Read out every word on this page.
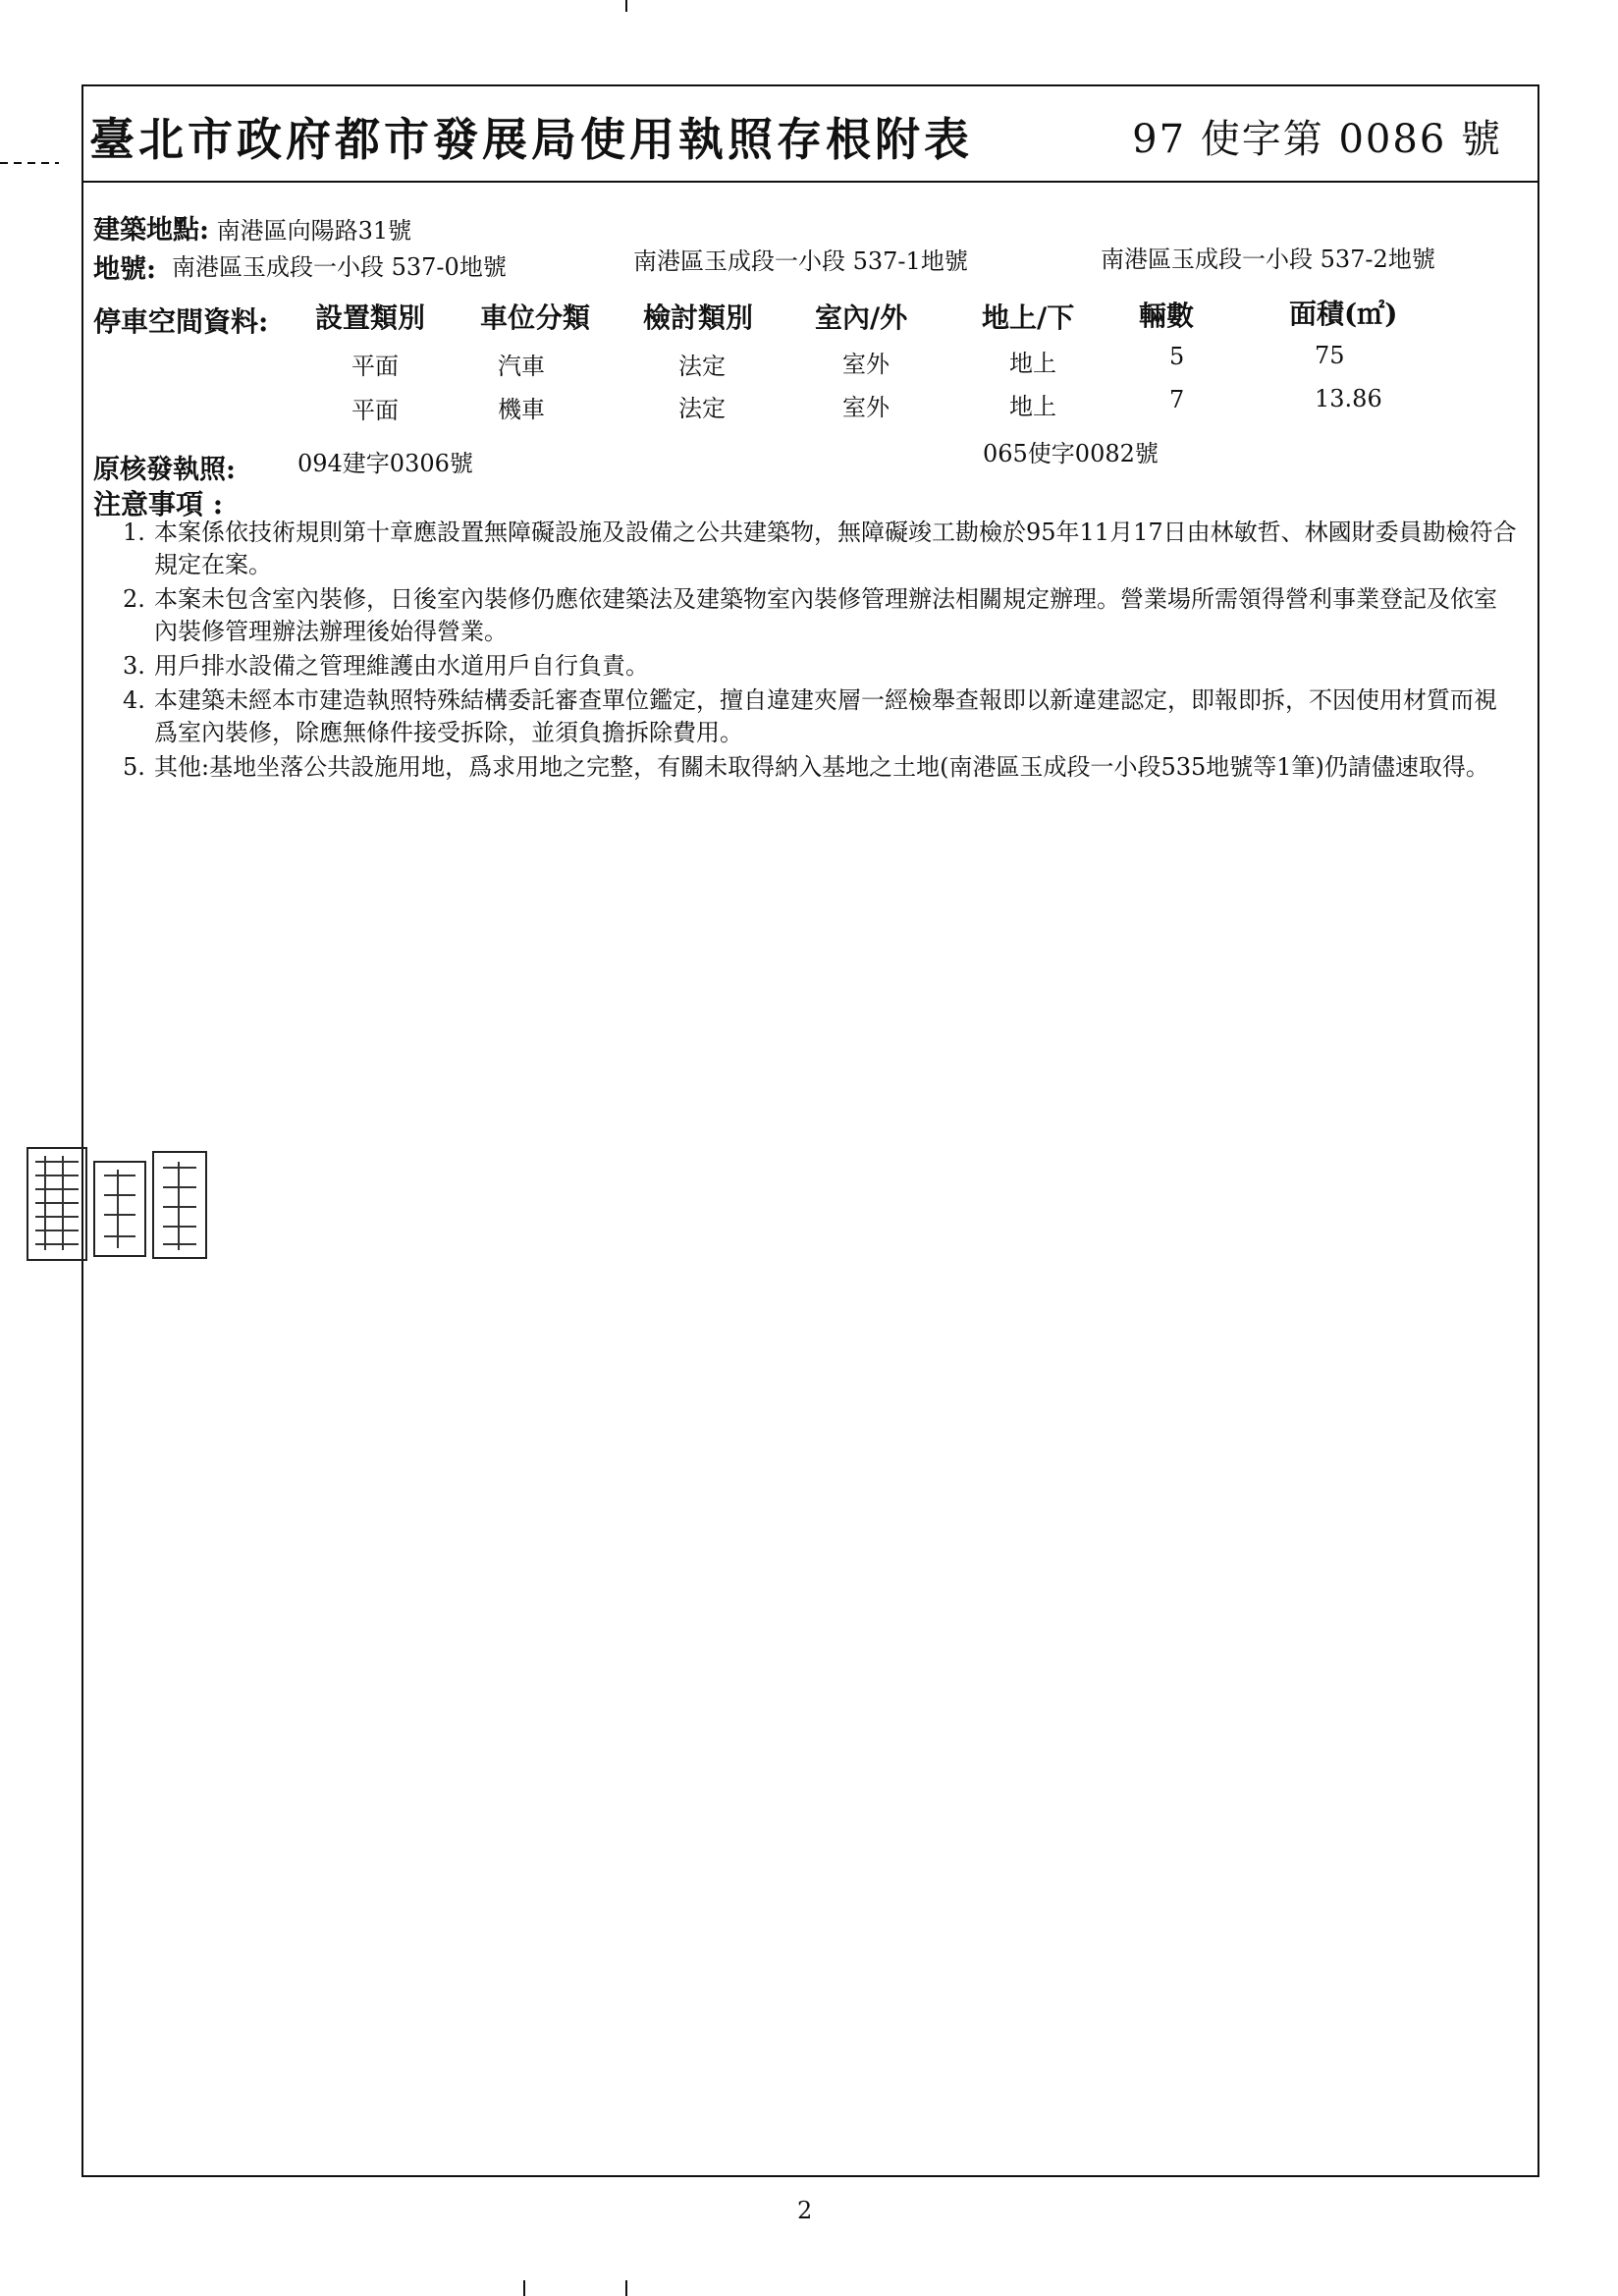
臺北市政府都市發展局使用執照存根附表	97 使字第 0086 號
建築地點: 南港區向陽路31號
地號: 南港區玉成段一小段 537-0地號	南港區玉成段一小段 537-1地號	南港區玉成段一小段 537-2地號
停車空間資料: 設置類別 車位分類 檢討類別 室內/外	地上/下 輛數	面積(㎡)
平面	汽車	法定	室外	地上	5	75
平面	機車	法定	室外	地上	7	13.86
原核發執照:	094建字0306號	065使字0082號
注意事項 :
1. 本案係依技術規則第十章應設置無障礙設施及設備之公共建築物，無障礙竣工勘檢於95年11月17日由林敏哲、林國財委員勘檢符合規定在案。
2. 本案未包含室內裝修，日後室內裝修仍應依建築法及建築物室內裝修管理辦法相關規定辦理。營業場所需領得營利事業登記及依室內裝修管理辦法辦理後始得營業。
3. 用戶排水設備之管理維護由水道用戶自行負責。
4. 本建築未經本市建造執照特殊結構委託審查單位鑑定，擅自違建夾層一經檢舉查報即以新違建認定，即報即拆，不因使用材質而視爲室內裝修，除應無條件接受拆除，並須負擔拆除費用。
5. 其他:基地坐落公共設施用地，爲求用地之完整，有關未取得納入基地之土地(南港區玉成段一小段535地號等1筆)仍請儘速取得。
2
